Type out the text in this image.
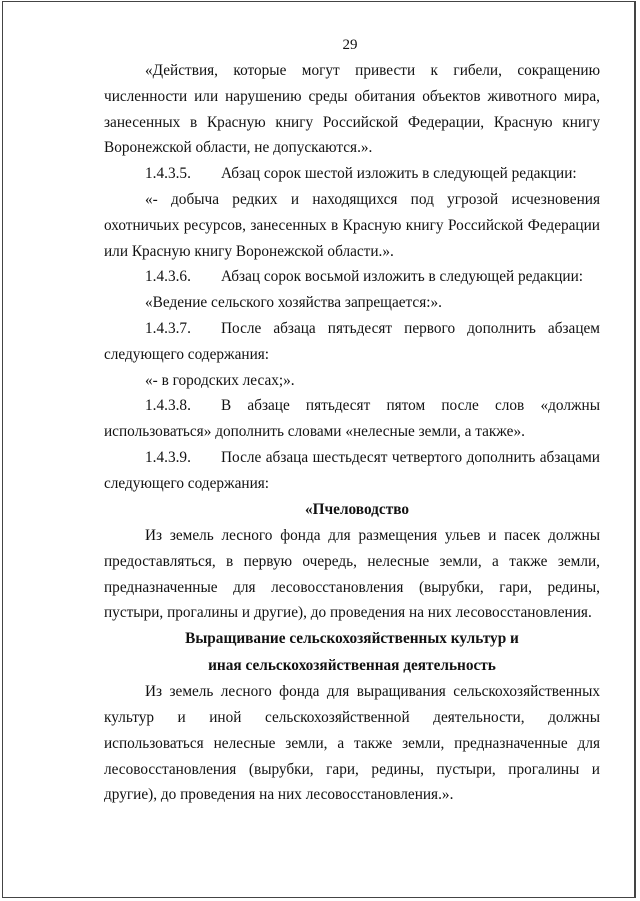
29

«Действия, которые могут привести к гибели, сокращению численности или нарушению среды обитания объектов животного мира, занесенных в Красную книгу Российской Федерации, Красную книгу Воронежской области, не допускаются.».

1.4.3.5. Абзац сорок шестой изложить в следующей редакции:

«- добыча редких и находящихся под угрозой исчезновения охотничьих ресурсов, занесенных в Красную книгу Российской Федерации или Красную книгу Воронежской области.».

1.4.3.6. Абзац сорок восьмой изложить в следующей редакции:

«Ведение сельского хозяйства запрещается:».

1.4.3.7. После абзаца пятьдесят первого дополнить абзацем следующего содержания:

«- в городских лесах;».

1.4.3.8. В абзаце пятьдесят пятом после слов «должны использоваться» дополнить словами «нелесные земли, а также».

1.4.3.9. После абзаца шестьдесят четвертого дополнить абзацами следующего содержания:

«Пчеловодство

Из земель лесного фонда для размещения ульев и пасек должны предоставляться, в первую очередь, нелесные земли, а также земли, предназначенные для лесовосстановления (вырубки, гари, редины, пустыри, прогалины и другие), до проведения на них лесовосстановления.

Выращивание сельскохозяйственных культур и
иная сельскохозяйственная деятельность

Из земель лесного фонда для выращивания сельскохозяйственных культур и иной сельскохозяйственной деятельности, должны использоваться нелесные земли, а также земли, предназначенные для лесовосстановления (вырубки, гари, редины, пустыри, прогалины и другие), до проведения на них лесовосстановления.».
